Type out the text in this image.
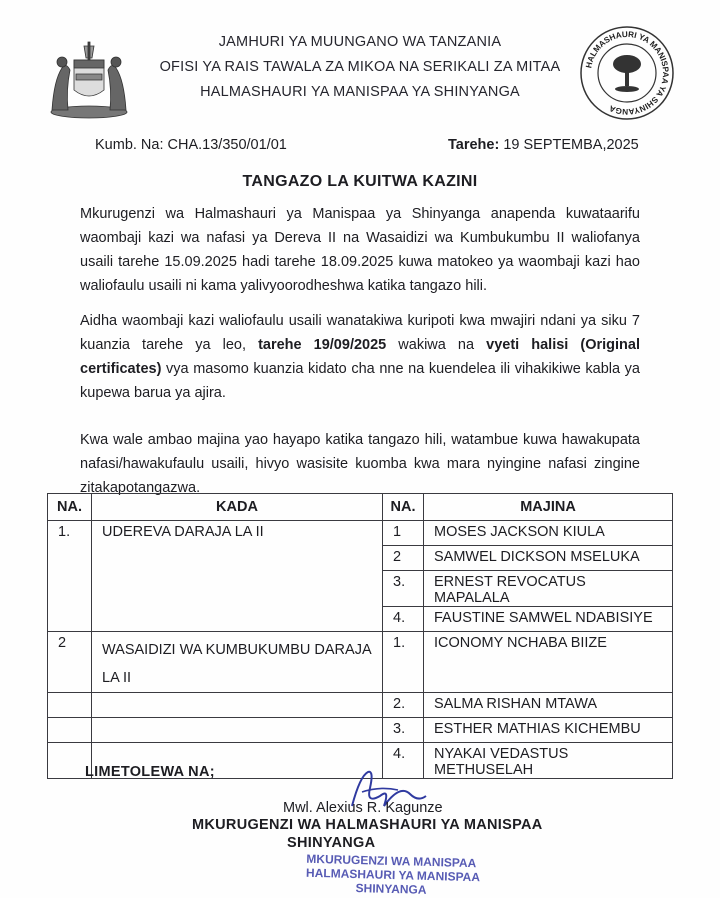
JAMHURI YA MUUNGANO WA TANZANIA
OFISI YA RAIS TAWALA ZA MIKOA NA SERIKALI ZA MITAA
HALMASHAURI YA MANISPAA YA SHINYANGA
HALMASHAURI YA MANISPAA YA SHINYANGA
Kumb. Na: CHA.13/350/01/01	Tarehe: 19 SEPTEMBA,2025
TANGAZO LA KUITWA KAZINI
Mkurugenzi wa Halmashauri ya Manispaa ya Shinyanga anapenda kuwataarifu waombaji kazi wa nafasi ya Dereva II na Wasaidizi wa Kumbukumbu II waliofanya usaili tarehe 15.09.2025 hadi tarehe 18.09.2025 kuwa matokeo ya waombaji kazi hao waliofaulu usaili ni kama yalivyoorodheshwa katika tangazo hili.
Aidha waombaji kazi waliofaulu usaili wanatakiwa kuripoti kwa mwajiri ndani ya siku 7 kuanzia tarehe ya leo, tarehe 19/09/2025 wakiwa na vyeti halisi (Original certificates) vya masomo kuanzia kidato cha nne na kuendelea ili vihakikiwe kabla ya kupewa barua ya ajira.
Kwa wale ambao majina yao hayapo katika tangazo hili, watambue kuwa hawakupata nafasi/hawakufaulu usaili, hivyo wasisite kuomba kwa mara nyingine nafasi zingine zitakapotangazwa.
NA.	KADA	NA.	MAJINA

1.	UDEREVA DARAJA LA II	1	MOSES JACKSON KIULA

		2	SAMWEL DICKSON MSELUKA

		3.	ERNEST REVOCATUS MAPALALA

		4.	FAUSTINE SAMWEL NDABISIYE

2	WASAIDIZI WA KUMBUKUMBU DARAJA LA II	1.	ICONOMY NCHABA BIIZE

		2.	SALMA RISHAN MTAWA

		3.	ESTHER MATHIAS KICHEMBU

		4.	NYAKAI VEDASTUS METHUSELAH
LIMETOLEWA NA;
Mwl. Alexius R. Kagunze
MKURUGENZI WA HALMASHAURI YA MANISPAA
SHINYANGA
MKURUGENZI WA MANISPAA
HALMASHAURI YA MANISPAA
SHINYANGA
